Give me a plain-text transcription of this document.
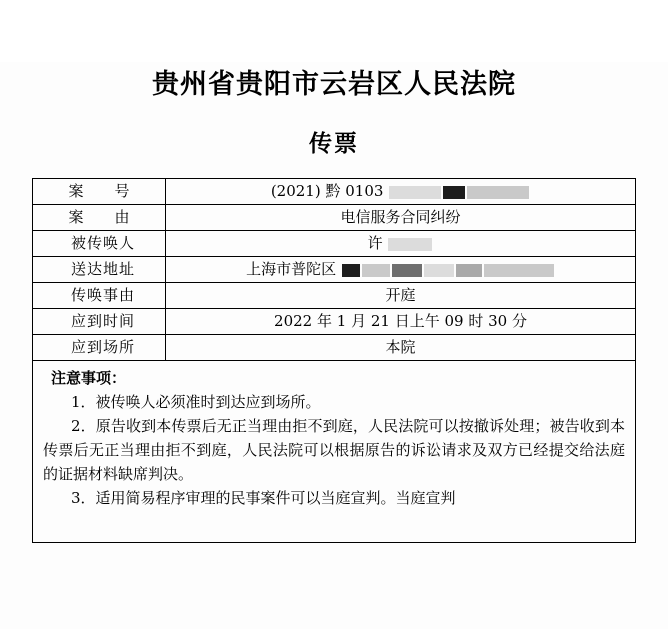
贵州省贵阳市云岩区人民法院
传票
案　号	(2021) 黔 0103
案　由	电信服务合同纠纷
被传唤人	许
送达地址	上海市普陀区
传唤事由	开庭
应到时间	2022 年 1 月 21 日上午 09 时 30 分
应到场所	本院
注意事项：

1．被传唤人必须准时到达应到场所。

2．原告收到本传票后无正当理由拒不到庭，人民法院可以按撤诉处理；被告收到本传票后无正当理由拒不到庭，人民法院可以根据原告的诉讼请求及双方已经提交给法庭的证据材料缺席判决。

3．适用简易程序审理的民事案件可以当庭宣判。当庭宣判
